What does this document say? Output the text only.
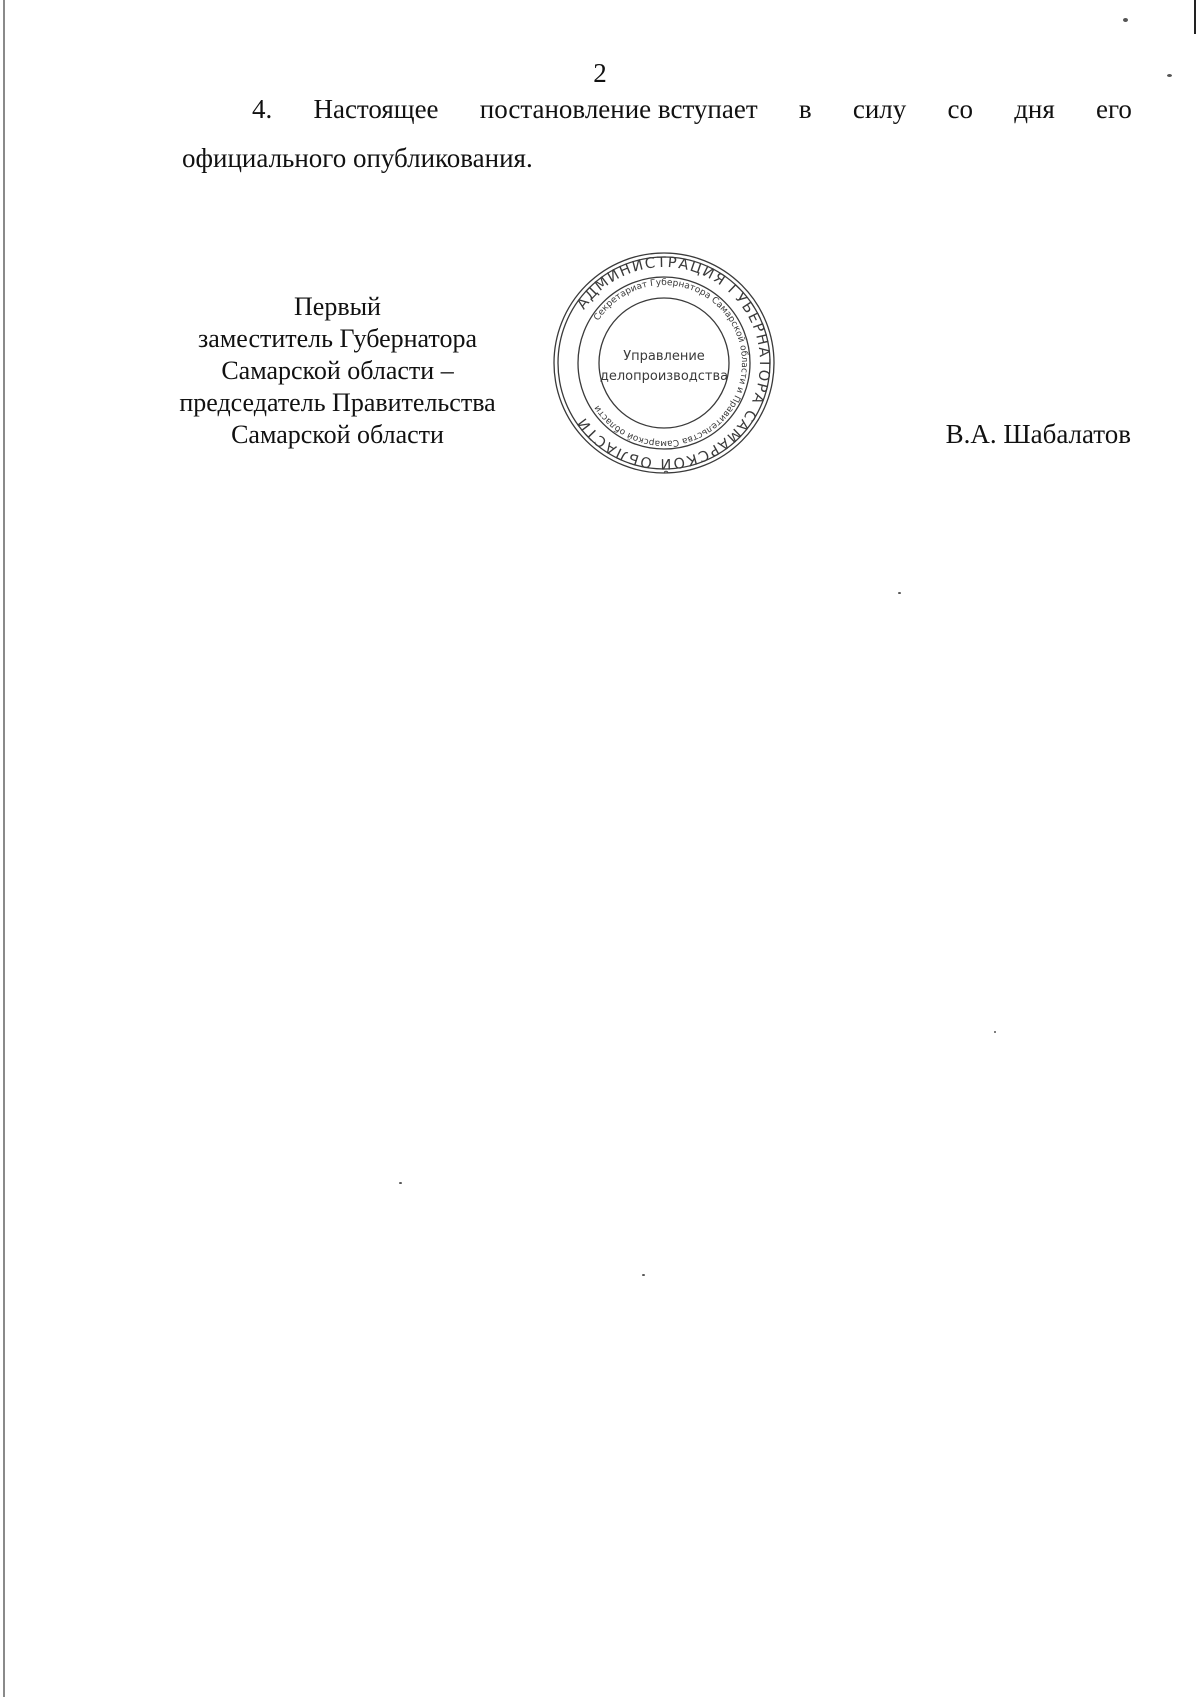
2
4. Настоящее постановление вступает в силу со дня его
официального опубликования.
Первый
заместитель Губернатора
Самарской области –
председатель Правительства
Самарской области
АДМИНИСТРАЦИЯ ГУБЕРНАТОРА САМАРСКОЙ ОБЛАСТИ
Секретариат Губернатора Самарской области и Правительства Самарской области
Управление
делопроизводства
В.А. Шабалатов
